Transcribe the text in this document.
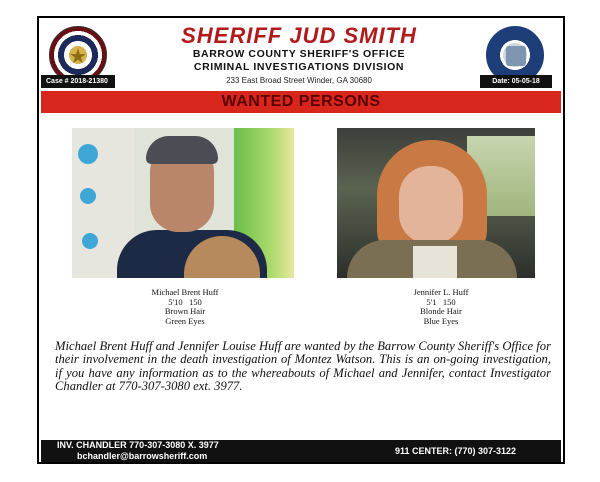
★
Case # 2018-21380	Date: 05-05-18
SHERIFF JUD SMITH
BARROW COUNTY SHERIFF'S OFFICE
CRIMINAL INVESTIGATIONS DIVISION
233 East Broad Street Winder, GA 30680
WANTED PERSONS
Michael Brent Huff
5'10   150
Brown Hair
Green Eyes
Jennifer L. Huff
5'1   150
Blonde Hair
Blue Eyes
Michael Brent Huff and Jennifer Louise Huff are wanted by the Barrow County Sheriff's Office for their involvement in the death investigation of Montez Watson. This is an on-going investigation, if you have any information as to the whereabouts of Michael and Jennifer, contact Investigator Chandler at 770-307-3080 ext. 3977.
INV. CHANDLER 770-307-3080 X. 3977
bchandler@barrowsheriff.com	911 CENTER: (770) 307-3122
